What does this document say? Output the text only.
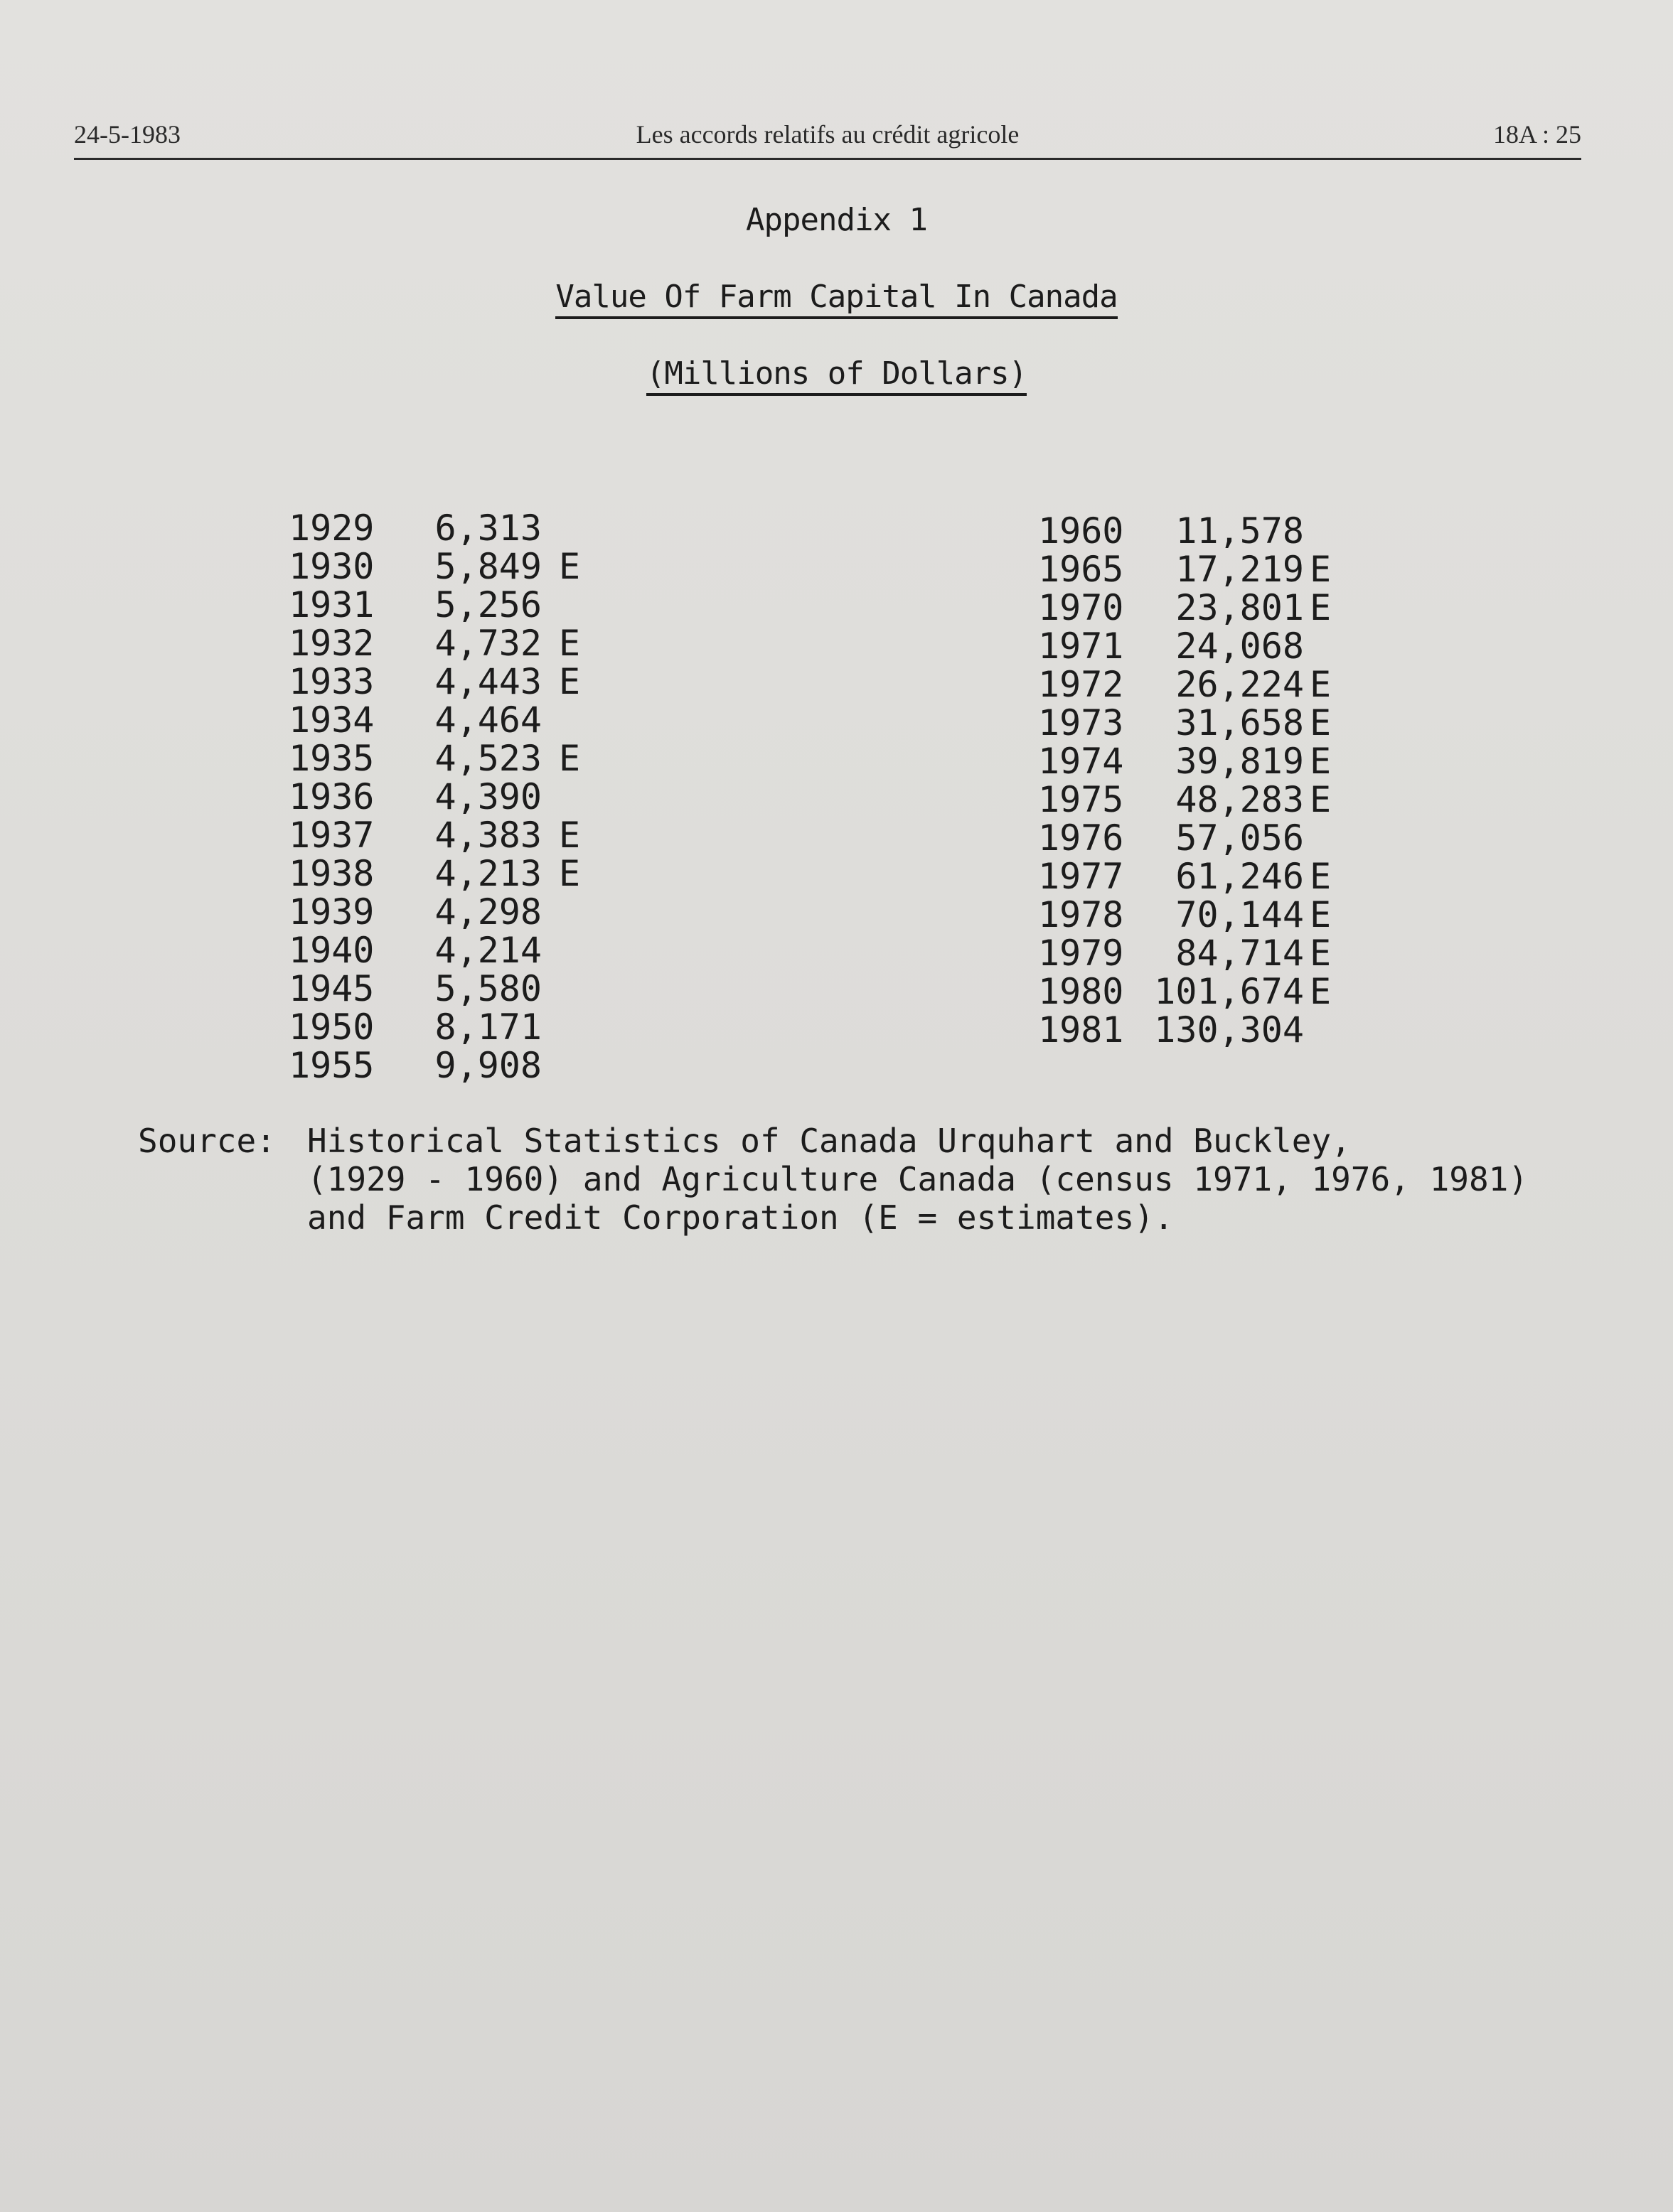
24-5-1983	Les accords relatifs au crédit agricole	18A : 25
Appendix 1
Value Of Farm Capital In Canada
(Millions of Dollars)
1929	6,313
1930	5,849 E
1931	5,256
1932	4,732 E
1933	4,443 E
1934	4,464
1935	4,523 E
1936	4,390
1937	4,383 E
1938	4,213 E
1939	4,298
1940	4,214
1945	5,580
1950	8,171
1955	9,908
1960	11,578
1965	17,219 E
1970	23,801 E
1971	24,068
1972	26,224 E
1973	31,658 E
1974	39,819 E
1975	48,283 E
1976	57,056
1977	61,246 E
1978	70,144 E
1979	84,714 E
1980 101,674 E
1981 130,304
Source: Historical Statistics of Canada Urquhart and Buckley,
(1929 - 1960) and Agriculture Canada (census 1971, 1976, 1981)
and Farm Credit Corporation (E = estimates).
